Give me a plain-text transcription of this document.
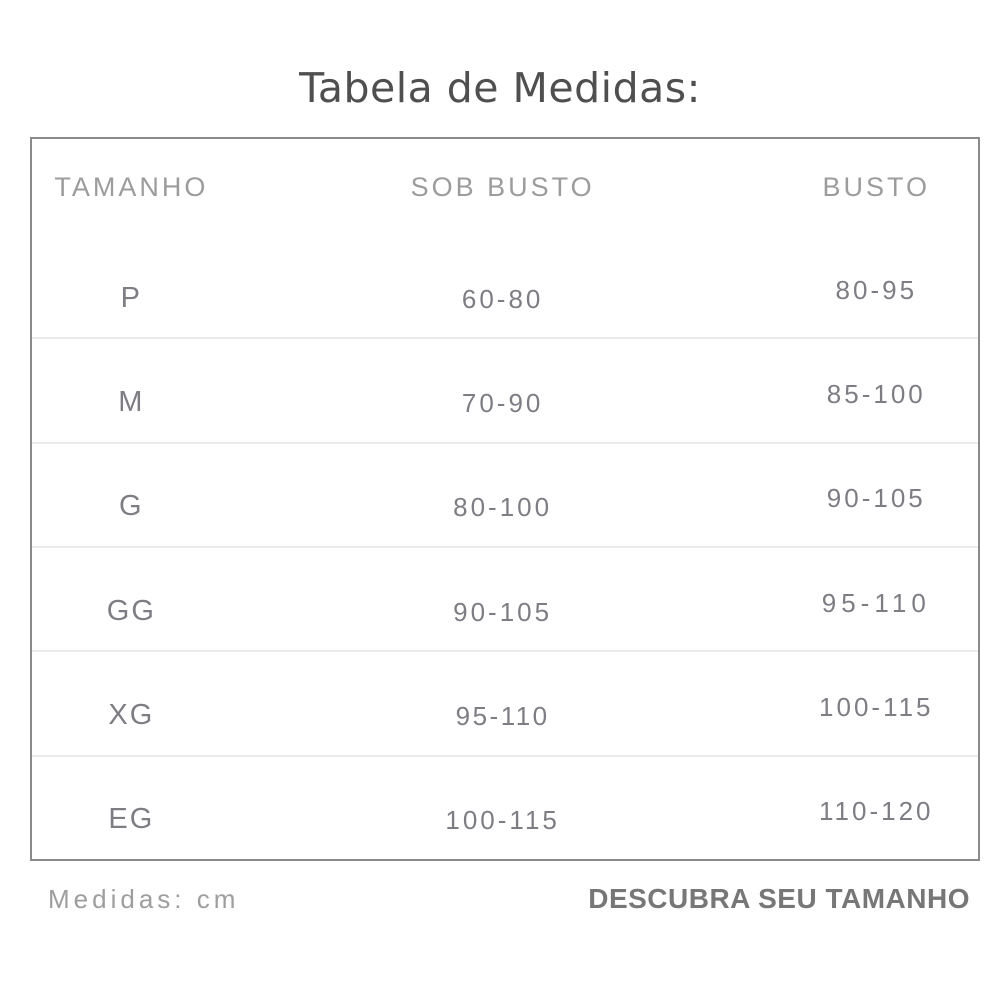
Tabela de Medidas:
TAMANHO	SOB BUSTO	BUSTO
P	60-80	80-95
M	70-90	85-100
G	80-100	90-105
GG	90-105	95-110
XG	95-110	100-115
EG	100-115	110-120
Medidas: cm	DESCUBRA SEU TAMANHO
